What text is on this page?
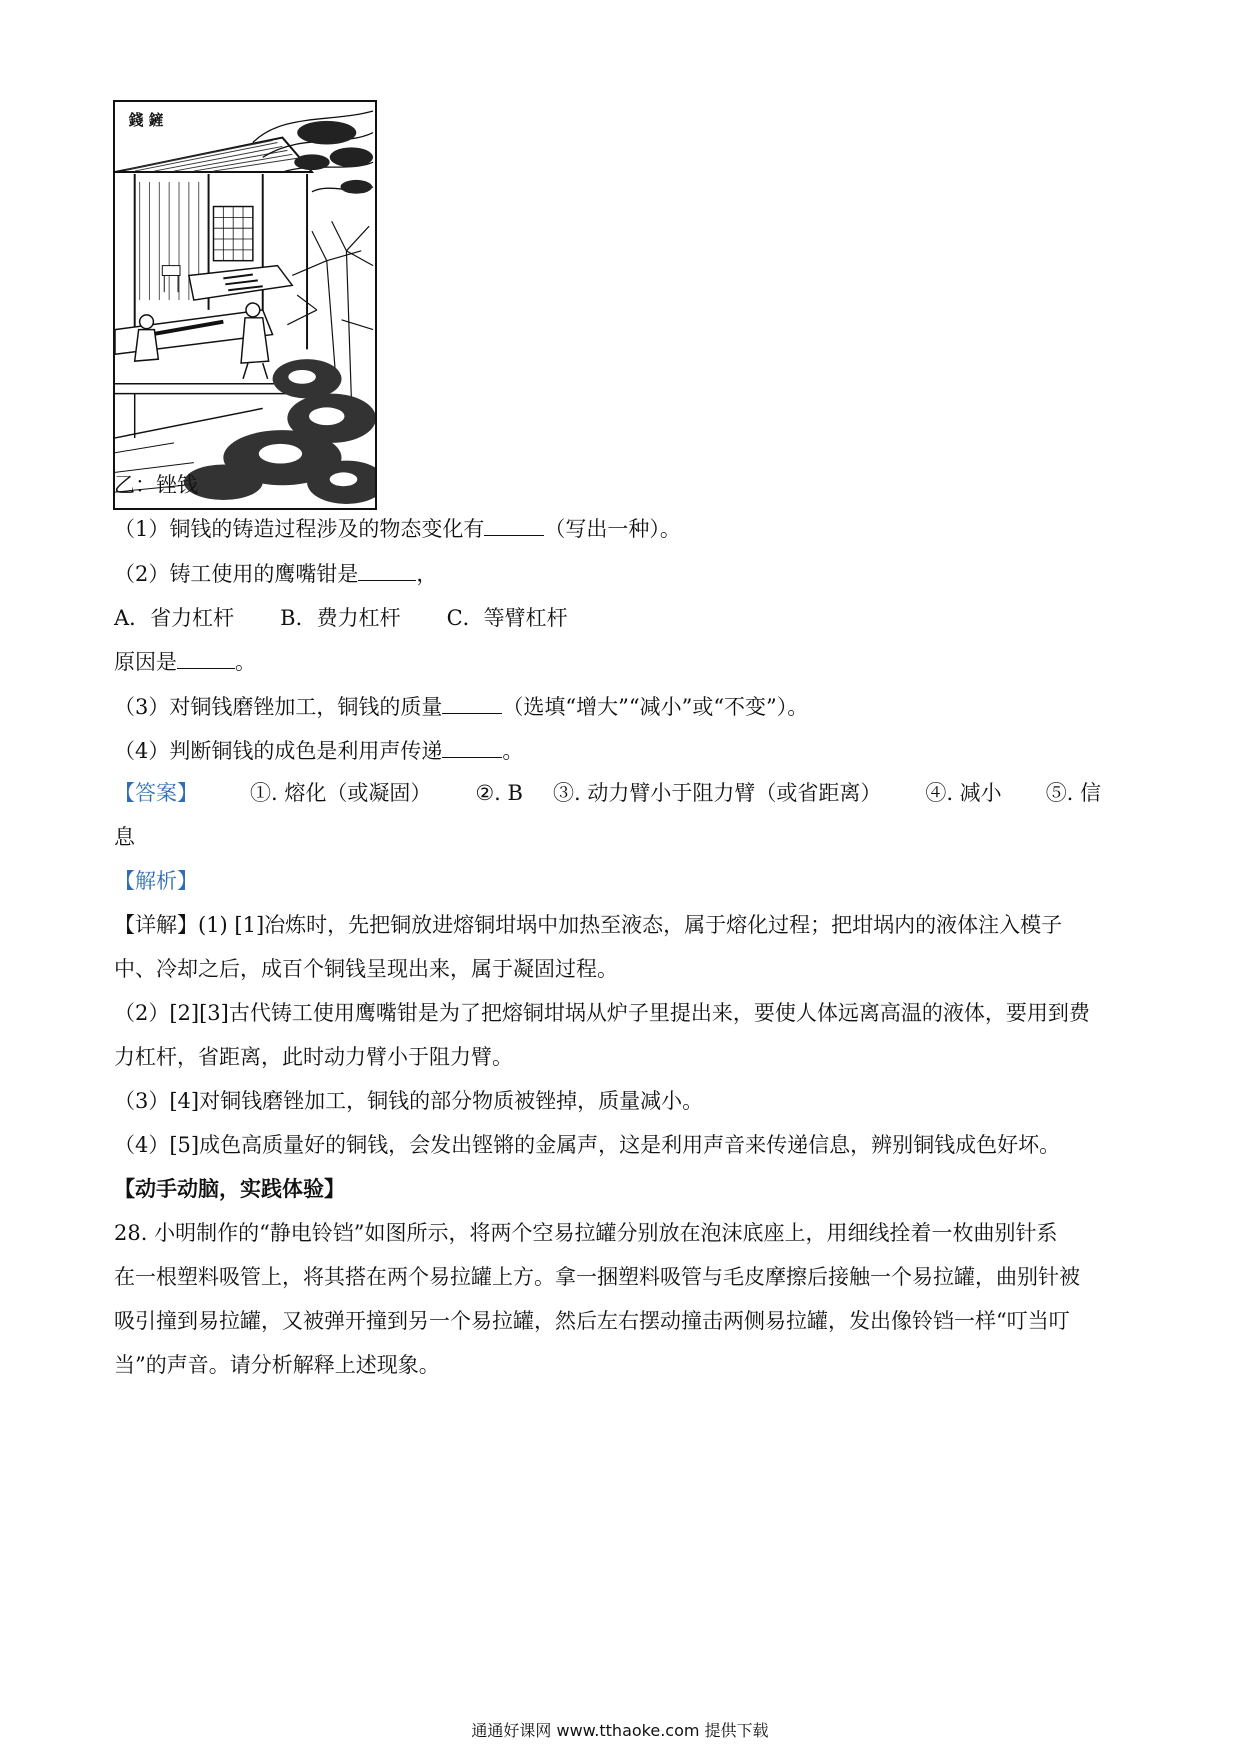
錢 鏟
乙：锉钱
（1）铜钱的铸造过程涉及的物态变化有	（写出一种）。
（2）铸工使用的鹰嘴钳是	，
A．省力杠杆 B．费力杠杆 C．等臂杠杆
原因是	。
（3）对铜钱磨锉加工，铜钱的质量	（选填“增大”“减小”或“不变”）。
（4）判断铜钱的成色是利用声传递	。
【答案】 ①. 熔化（或凝固） ②. B ③. 动力臂小于阻力臂（或省距离） ④. 减小 ⑤. 信
息
【解析】
【详解】(1) [1]冶炼时，先把铜放进熔铜坩埚中加热至液态，属于熔化过程；把坩埚内的液体注入模子
中、冷却之后，成百个铜钱呈现出来，属于凝固过程。
（2）[2][3]古代铸工使用鹰嘴钳是为了把熔铜坩埚从炉子里提出来，要使人体远离高温的液体，要用到费
力杠杆，省距离，此时动力臂小于阻力臂。
（3）[4]对铜钱磨锉加工，铜钱的部分物质被锉掉，质量减小。
（4）[5]成色高质量好的铜钱，会发出铿锵的金属声，这是利用声音来传递信息，辨别铜钱成色好坏。
【动手动脑，实践体验】
28. 小明制作的“静电铃铛”如图所示，将两个空易拉罐分别放在泡沫底座上，用细线拴着一枚曲别针系
在一根塑料吸管上，将其搭在两个易拉罐上方。拿一捆塑料吸管与毛皮摩擦后接触一个易拉罐，曲别针被
吸引撞到易拉罐，又被弹开撞到另一个易拉罐，然后左右摆动撞击两侧易拉罐，发出像铃铛一样“叮当叮
当”的声音。请分析解释上述现象。
通通好课网 www.tthaoke.com 提供下载
